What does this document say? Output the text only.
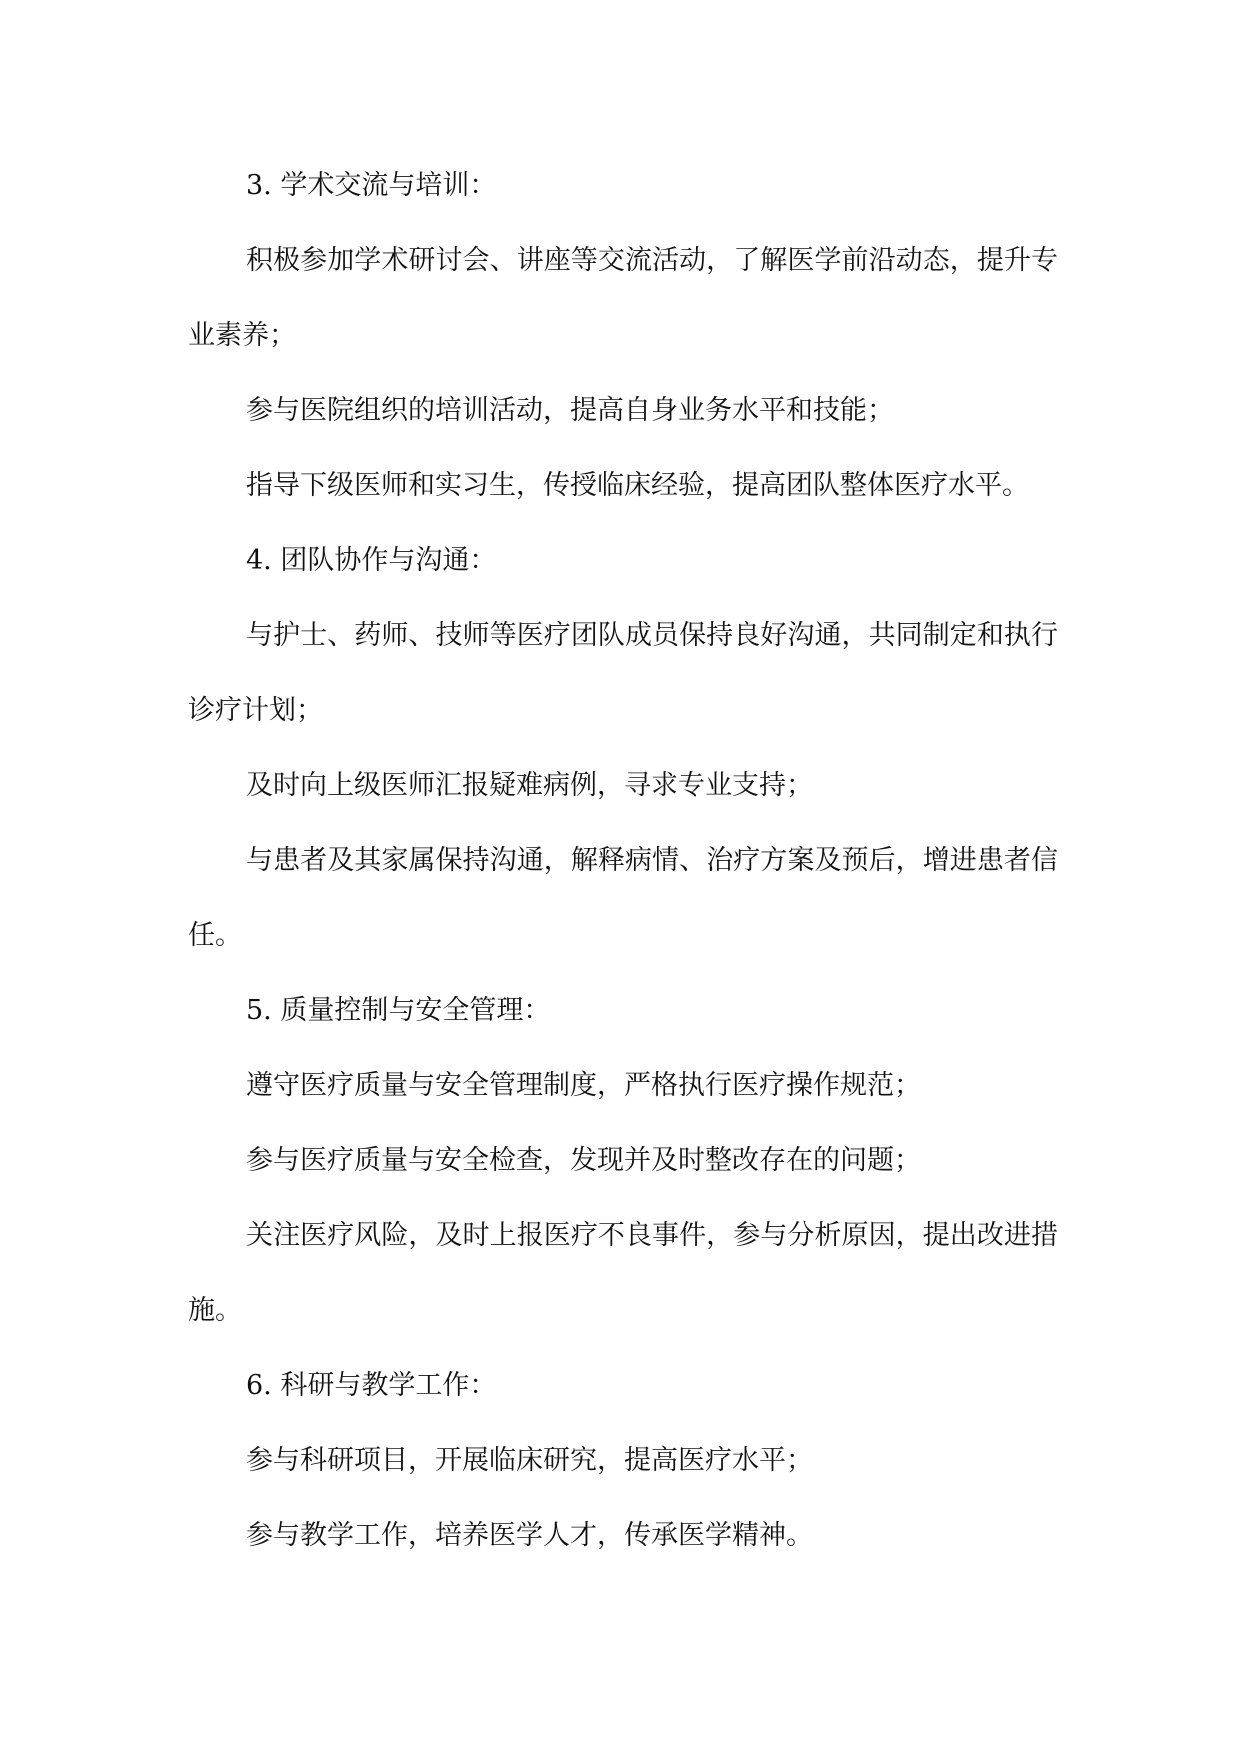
3. 学术交流与培训：

积极参加学术研讨会、讲座等交流活动，了解医学前沿动态，提升专业素养；

参与医院组织的培训活动，提高自身业务水平和技能；

指导下级医师和实习生，传授临床经验，提高团队整体医疗水平。

4. 团队协作与沟通：

与护士、药师、技师等医疗团队成员保持良好沟通，共同制定和执行诊疗计划；

及时向上级医师汇报疑难病例，寻求专业支持；

与患者及其家属保持沟通，解释病情、治疗方案及预后，增进患者信任。

5. 质量控制与安全管理：

遵守医疗质量与安全管理制度，严格执行医疗操作规范；

参与医疗质量与安全检查，发现并及时整改存在的问题；

关注医疗风险，及时上报医疗不良事件，参与分析原因，提出改进措施。

6. 科研与教学工作：

参与科研项目，开展临床研究，提高医疗水平；

参与教学工作，培养医学人才，传承医学精神。
